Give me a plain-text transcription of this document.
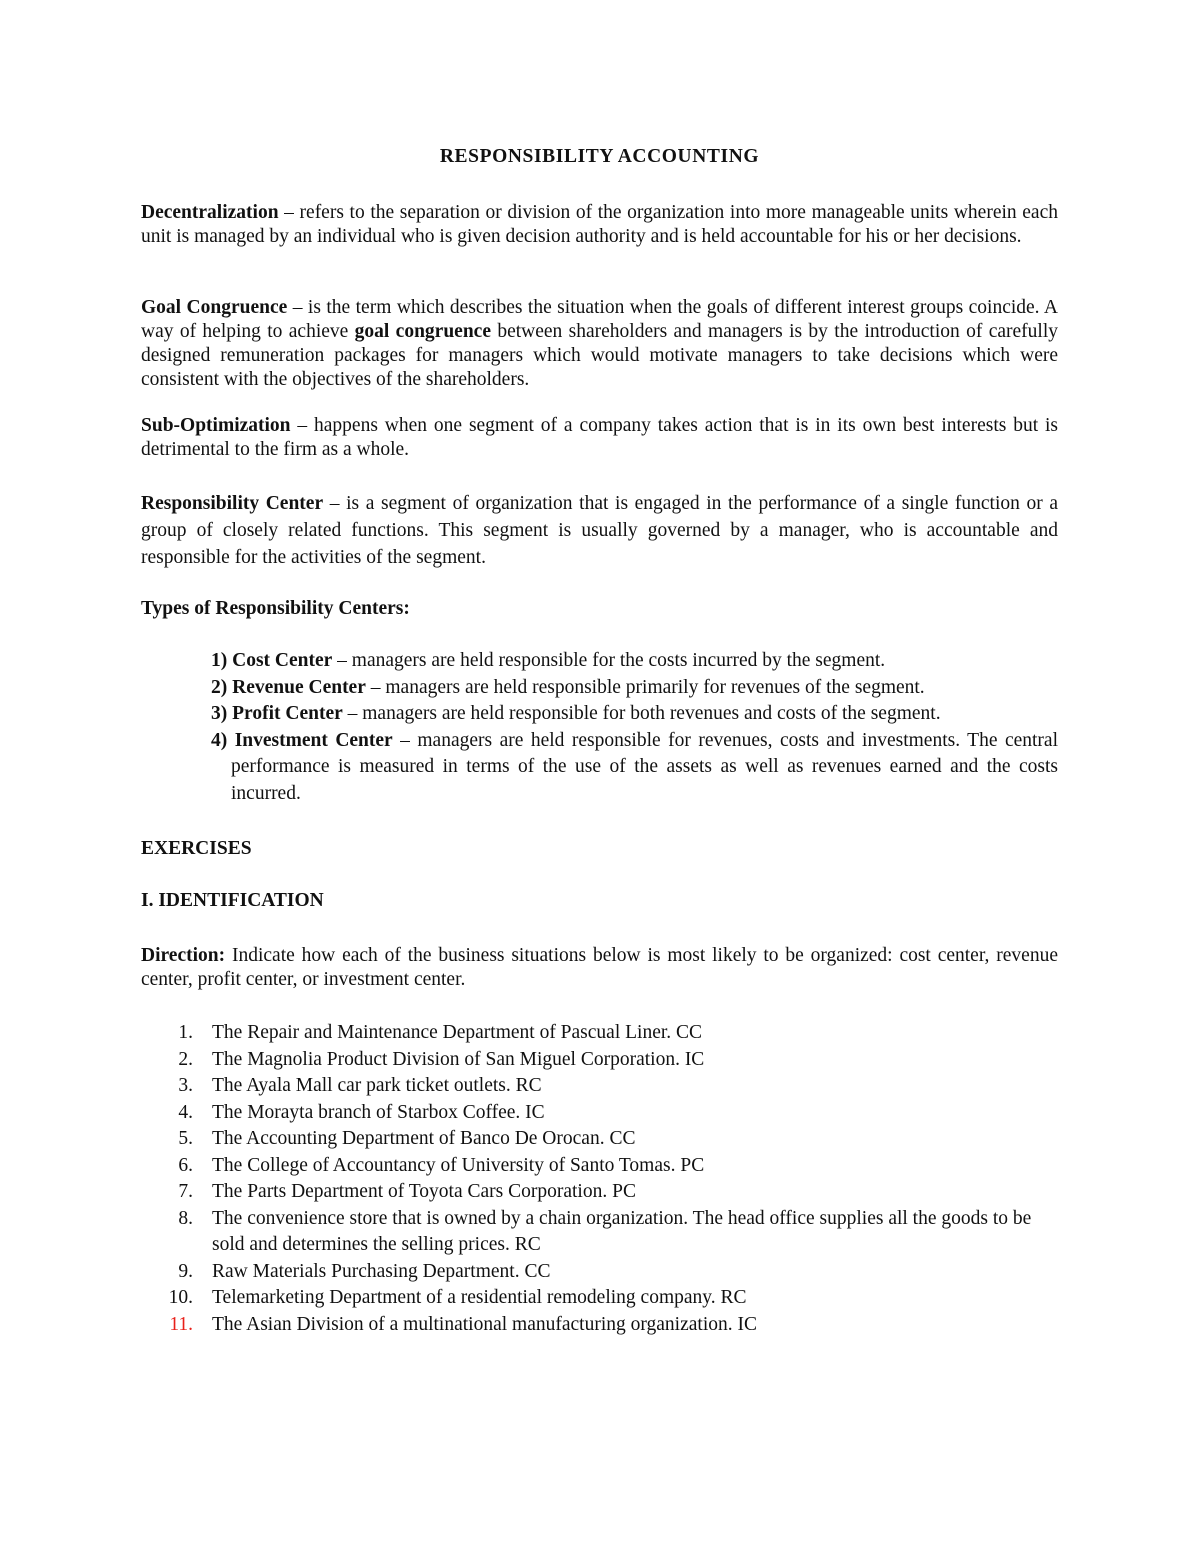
RESPONSIBILITY ACCOUNTING

Decentralization – refers to the separation or division of the organization into more manageable units wherein each unit is managed by an individual who is given decision authority and is held accountable for his or her decisions.

Goal Congruence – is the term which describes the situation when the goals of different interest groups coincide. A way of helping to achieve goal congruence between shareholders and managers is by the introduction of carefully designed remuneration packages for managers which would motivate managers to take decisions which were consistent with the objectives of the shareholders.

Sub-Optimization – happens when one segment of a company takes action that is in its own best interests but is detrimental to the firm as a whole.

Responsibility Center – is a segment of organization that is engaged in the performance of a single function or a group of closely related functions. This segment is usually governed by a manager, who is accountable and responsible for the activities of the segment.

Types of Responsibility Centers:

1) Cost Center – managers are held responsible for the costs incurred by the segment.
2) Revenue Center – managers are held responsible primarily for revenues of the segment.
3) Profit Center – managers are held responsible for both revenues and costs of the segment.
4) Investment Center – managers are held responsible for revenues, costs and investments. The central performance is measured in terms of the use of the assets as well as revenues earned and the costs incurred.

EXERCISES

I. IDENTIFICATION

Direction: Indicate how each of the business situations below is most likely to be organized: cost center, revenue center, profit center, or investment center.

1. The Repair and Maintenance Department of Pascual Liner. CC
2. The Magnolia Product Division of San Miguel Corporation. IC
3. The Ayala Mall car park ticket outlets. RC
4. The Morayta branch of Starbox Coffee. IC
5. The Accounting Department of Banco De Orocan. CC
6. The College of Accountancy of University of Santo Tomas. PC
7. The Parts Department of Toyota Cars Corporation. PC
8. The convenience store that is owned by a chain organization. The head office supplies all the goods to be sold and determines the selling prices. RC
9. Raw Materials Purchasing Department. CC
10. Telemarketing Department of a residential remodeling company. RC
11. The Asian Division of a multinational manufacturing organization. IC
